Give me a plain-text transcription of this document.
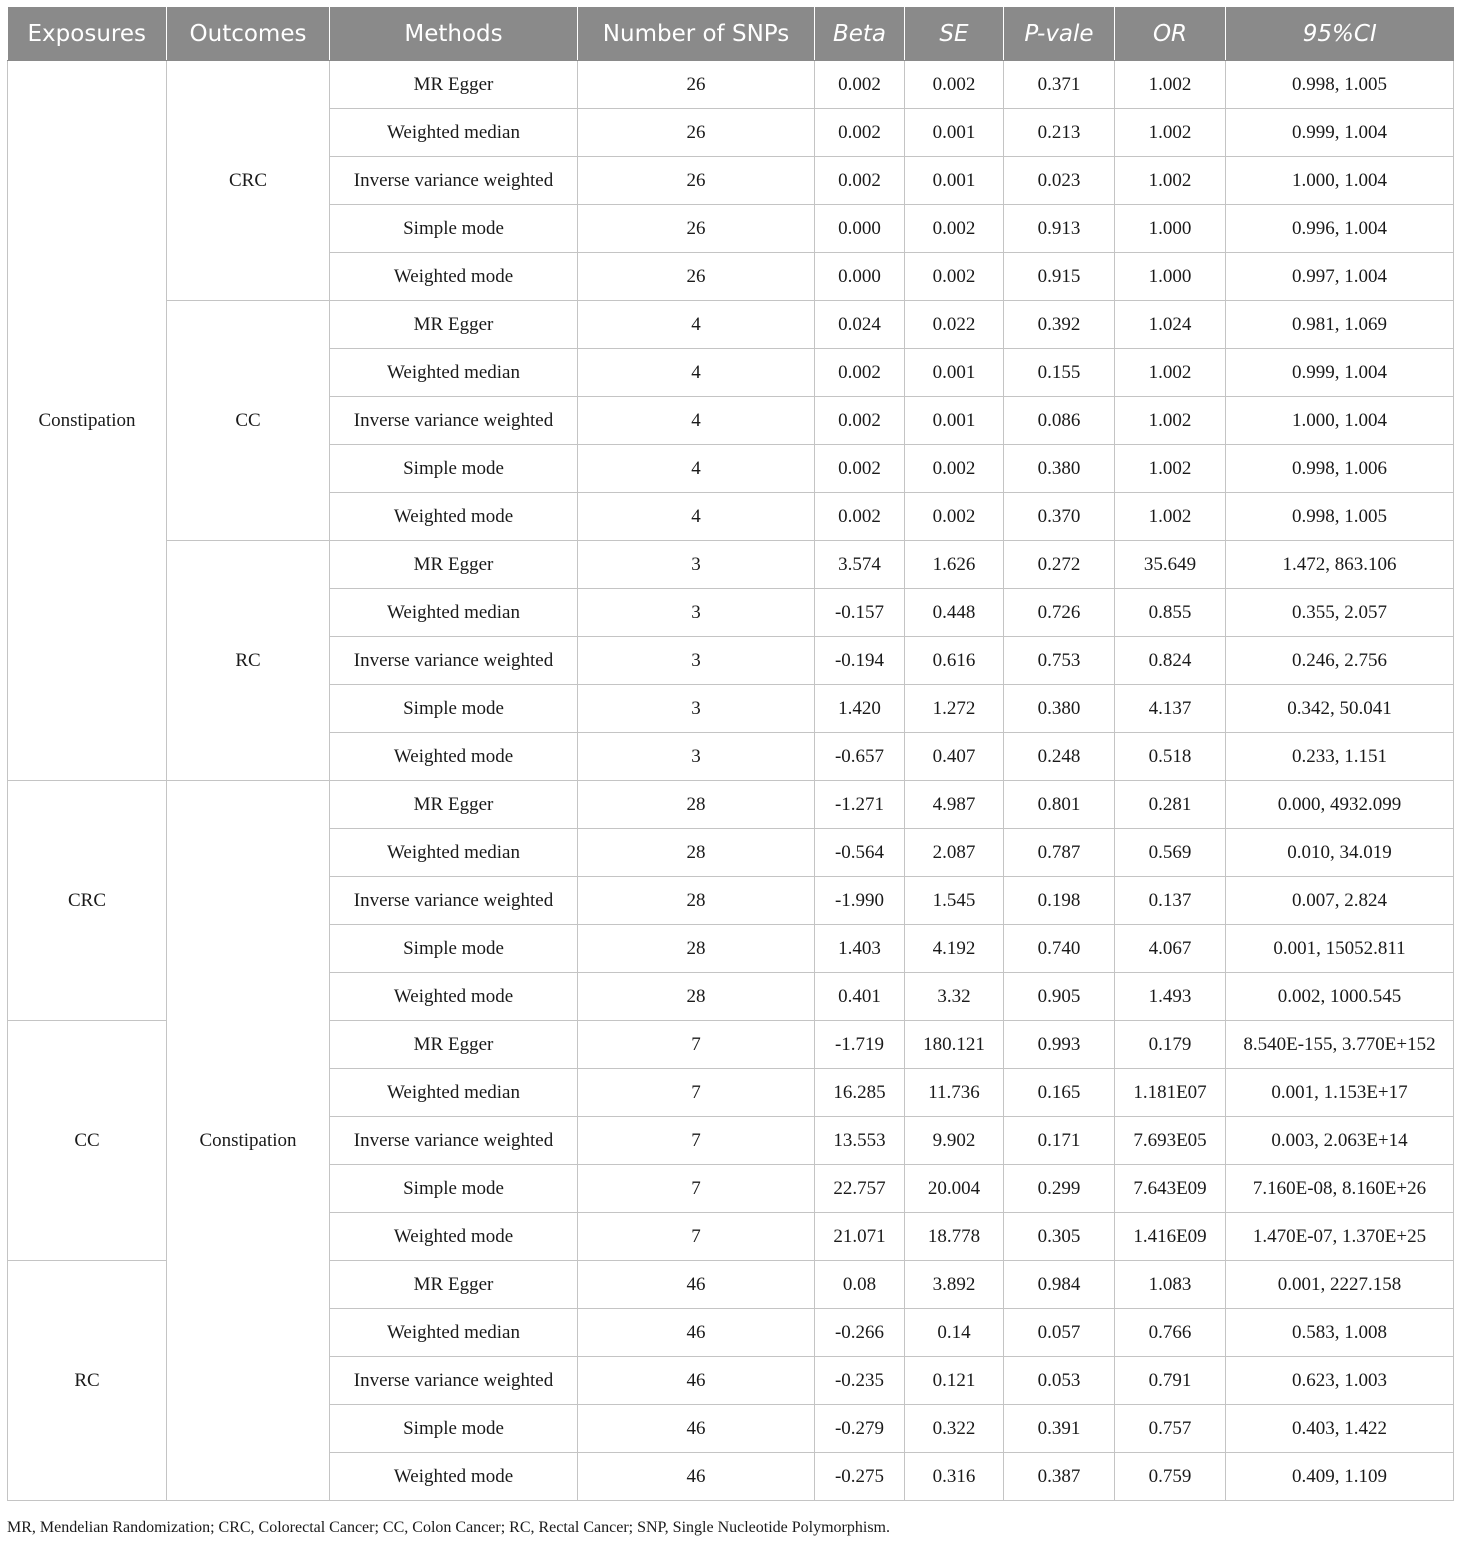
Exposures	Outcomes	Methods	Number of SNPs	Beta	SE	P-vale	OR	95%CI
Constipation	CRC	MR Egger	26	0.002	0.002	0.371	1.002	0.998, 1.005
		Weighted median	26	0.002	0.001	0.213	1.002	0.999, 1.004
		Inverse variance weighted	26	0.002	0.001	0.023	1.002	1.000, 1.004
		Simple mode	26	0.000	0.002	0.913	1.000	0.996, 1.004
		Weighted mode	26	0.000	0.002	0.915	1.000	0.997, 1.004
	CC	MR Egger	4	0.024	0.022	0.392	1.024	0.981, 1.069
		Weighted median	4	0.002	0.001	0.155	1.002	0.999, 1.004
		Inverse variance weighted	4	0.002	0.001	0.086	1.002	1.000, 1.004
		Simple mode	4	0.002	0.002	0.380	1.002	0.998, 1.006
		Weighted mode	4	0.002	0.002	0.370	1.002	0.998, 1.005
	RC	MR Egger	3	3.574	1.626	0.272	35.649	1.472, 863.106
		Weighted median	3	-0.157	0.448	0.726	0.855	0.355, 2.057
		Inverse variance weighted	3	-0.194	0.616	0.753	0.824	0.246, 2.756
		Simple mode	3	1.420	1.272	0.380	4.137	0.342, 50.041
		Weighted mode	3	-0.657	0.407	0.248	0.518	0.233, 1.151
CRC	Constipation	MR Egger	28	-1.271	4.987	0.801	0.281	0.000, 4932.099
		Weighted median	28	-0.564	2.087	0.787	0.569	0.010, 34.019
		Inverse variance weighted	28	-1.990	1.545	0.198	0.137	0.007, 2.824
		Simple mode	28	1.403	4.192	0.740	4.067	0.001, 15052.811
		Weighted mode	28	0.401	3.32	0.905	1.493	0.002, 1000.545
CC		MR Egger	7	-1.719	180.121	0.993	0.179	8.540E-155, 3.770E+152
		Weighted median	7	16.285	11.736	0.165	1.181E07	0.001, 1.153E+17
		Inverse variance weighted	7	13.553	9.902	0.171	7.693E05	0.003, 2.063E+14
		Simple mode	7	22.757	20.004	0.299	7.643E09	7.160E-08, 8.160E+26
		Weighted mode	7	21.071	18.778	0.305	1.416E09	1.470E-07, 1.370E+25
RC		MR Egger	46	0.08	3.892	0.984	1.083	0.001, 2227.158
		Weighted median	46	-0.266	0.14	0.057	0.766	0.583, 1.008
		Inverse variance weighted	46	-0.235	0.121	0.053	0.791	0.623, 1.003
		Simple mode	46	-0.279	0.322	0.391	0.757	0.403, 1.422
		Weighted mode	46	-0.275	0.316	0.387	0.759	0.409, 1.109
MR, Mendelian Randomization; CRC, Colorectal Cancer; CC, Colon Cancer; RC, Rectal Cancer; SNP, Single Nucleotide Polymorphism.
